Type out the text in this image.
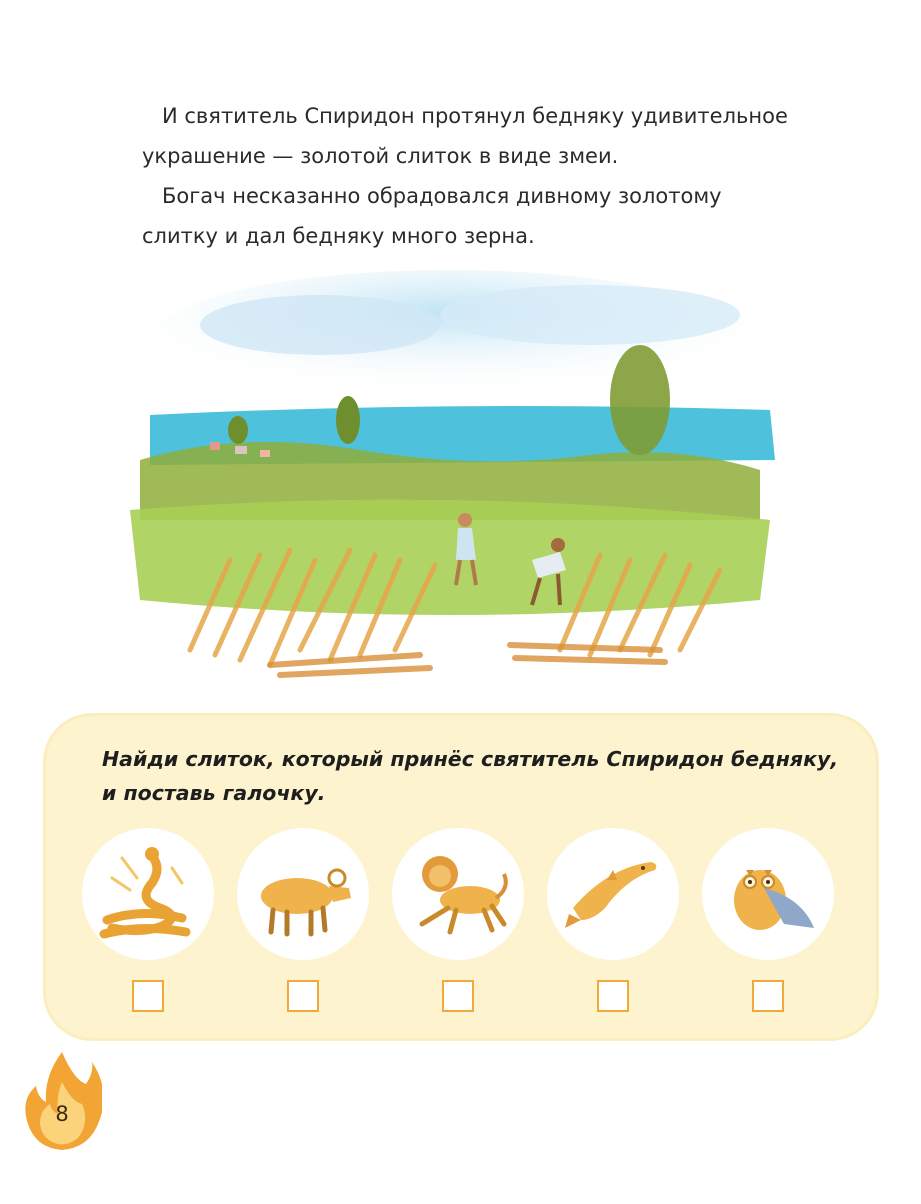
И святитель Спиридон протянул бедняку удивительное украшение — золотой слиток в виде змеи.

Богач несказанно обрадовался дивному золотому слитку и дал бедняку много зерна.

Найди слиток, который принёс святитель Спиридон бедняку,
и поставь галочку.
8
